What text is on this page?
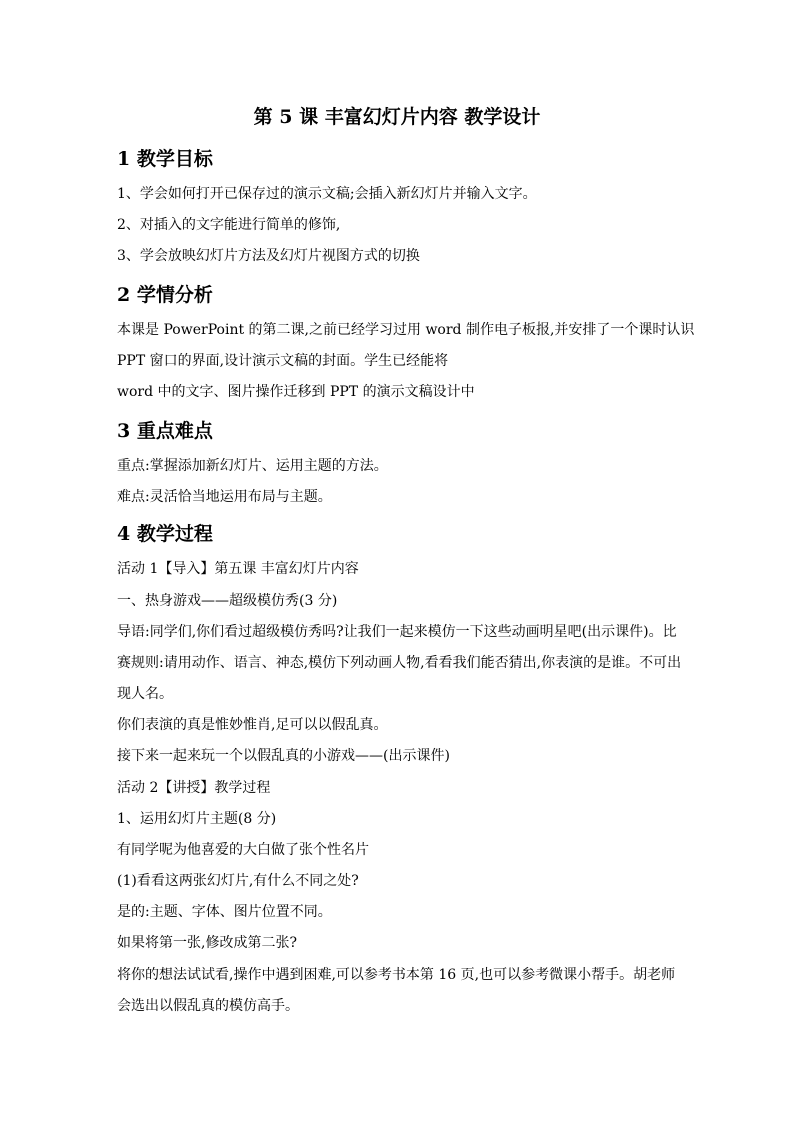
第 5 课 丰富幻灯片内容 教学设计
1 教学目标
1、学会如何打开已保存过的演示文稿;会插入新幻灯片并输入文字。
2、对插入的文字能进行简单的修饰,
3、学会放映幻灯片方法及幻灯片视图方式的切换
2 学情分析
本课是 PowerPoint 的第二课,之前已经学习过用 word 制作电子板报,并安排了一个课时认识
PPT 窗口的界面,设计演示文稿的封面。学生已经能将
word 中的文字、图片操作迁移到 PPT 的演示文稿设计中
3 重点难点
重点:掌握添加新幻灯片、运用主题的方法。
难点:灵活恰当地运用布局与主题。
4 教学过程
活动 1【导入】第五课 丰富幻灯片内容
一、热身游戏——超级模仿秀(3 分)
导语:同学们,你们看过超级模仿秀吗?让我们一起来模仿一下这些动画明星吧(出示课件)。比
赛规则:请用动作、语言、神态,模仿下列动画人物,看看我们能否猜出,你表演的是谁。不可出
现人名。
你们表演的真是惟妙惟肖,足可以以假乱真。
接下来一起来玩一个以假乱真的小游戏——(出示课件)
活动 2【讲授】教学过程
1、运用幻灯片主题(8 分)
有同学呢为他喜爱的大白做了张个性名片
(1)看看这两张幻灯片,有什么不同之处?
是的:主题、字体、图片位置不同。
如果将第一张,修改成第二张?
将你的想法试试看,操作中遇到困难,可以参考书本第 16 页,也可以参考微课小帮手。胡老师
会选出以假乱真的模仿高手。
